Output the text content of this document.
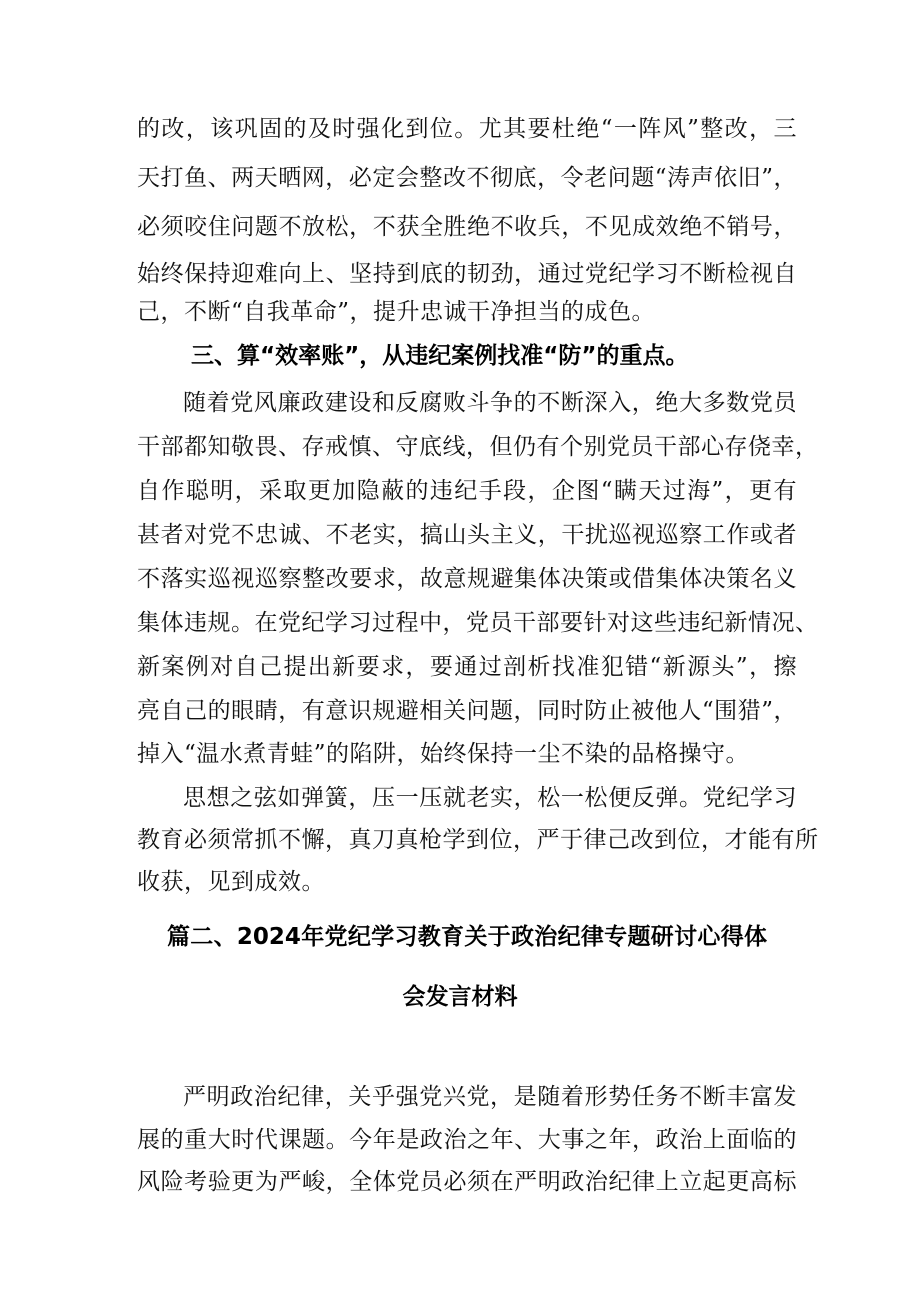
的改，该巩固的及时强化到位。尤其要杜绝“一阵风”整改，三
天打鱼、两天晒网，必定会整改不彻底，令老问题“涛声依旧”，
必须咬住问题不放松，不获全胜绝不收兵，不见成效绝不销号，
始终保持迎难向上、坚持到底的韧劲，通过党纪学习不断检视自
己，不断“自我革命”，提升忠诚干净担当的成色。
三、算“效率账”，从违纪案例找准“防”的重点。
随着党风廉政建设和反腐败斗争的不断深入，绝大多数党员
干部都知敬畏、存戒慎、守底线，但仍有个别党员干部心存侥幸，
自作聪明，采取更加隐蔽的违纪手段，企图“瞒天过海”，更有
甚者对党不忠诚、不老实，搞山头主义，干扰巡视巡察工作或者
不落实巡视巡察整改要求，故意规避集体决策或借集体决策名义
集体违规。在党纪学习过程中，党员干部要针对这些违纪新情况、
新案例对自己提出新要求，要通过剖析找准犯错“新源头”，擦
亮自己的眼睛，有意识规避相关问题，同时防止被他人“围猎”，
掉入“温水煮青蛙”的陷阱，始终保持一尘不染的品格操守。
思想之弦如弹簧，压一压就老实，松一松便反弹。党纪学习
教育必须常抓不懈，真刀真枪学到位，严于律己改到位，才能有所
收获，见到成效。
篇二、2024年党纪学习教育关于政治纪律专题研讨心得体
会发言材料
严明政治纪律，关乎强党兴党，是随着形势任务不断丰富发
展的重大时代课题。今年是政治之年、大事之年，政治上面临的
风险考验更为严峻，全体党员必须在严明政治纪律上立起更高标
